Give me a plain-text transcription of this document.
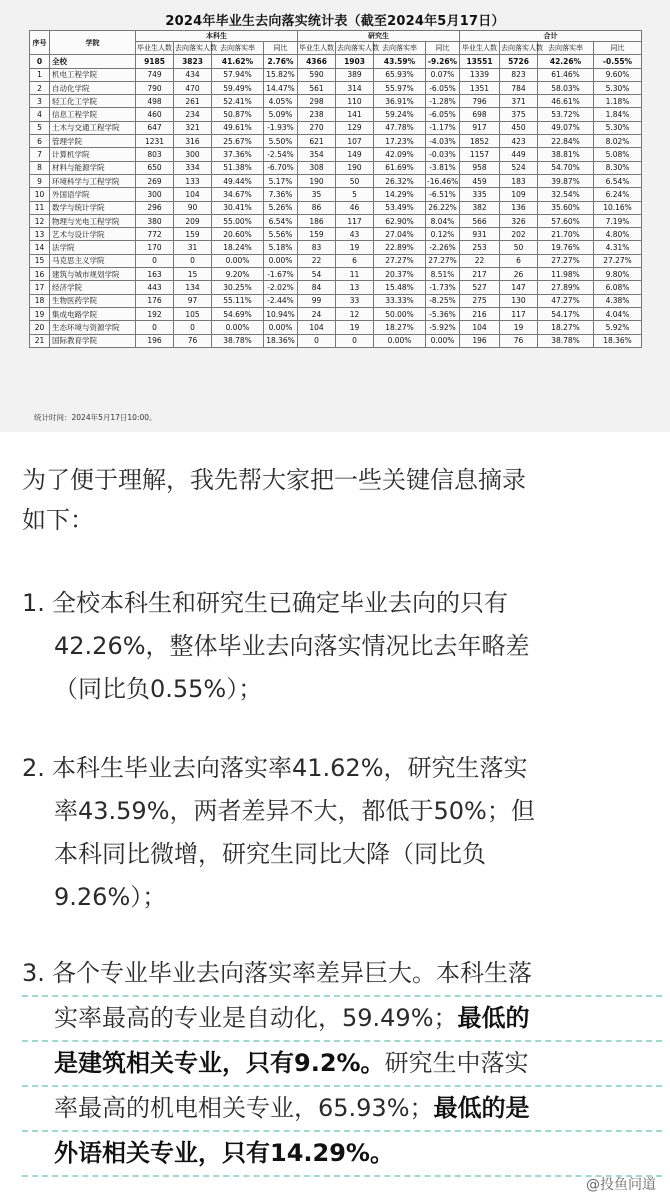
2024年毕业生去向落实统计表（截至2024年5月17日）
序号	学院	本科生				研究生				合计			
		毕业生人数	去向落实人数	去向落实率	同比	毕业生人数	去向落实人数	去向落实率	同比	毕业生人数	去向落实人数	去向落实率	同比
0	全校	9185	3823	41.62%	2.76%	4366	1903	43.59%	-9.26%	13551	5726	42.26%	-0.55%
1	机电工程学院	749	434	57.94%	15.82%	590	389	65.93%	0.07%	1339	823	61.46%	9.60%
2	自动化学院	790	470	59.49%	14.47%	561	314	55.97%	-6.05%	1351	784	58.03%	5.30%
3	轻工化工学院	498	261	52.41%	4.05%	298	110	36.91%	-1.28%	796	371	46.61%	1.18%
4	信息工程学院	460	234	50.87%	5.09%	238	141	59.24%	-6.05%	698	375	53.72%	1.84%
5	土木与交通工程学院	647	321	49.61%	-1.93%	270	129	47.78%	-1.17%	917	450	49.07%	5.30%
6	管理学院	1231	316	25.67%	5.50%	621	107	17.23%	-4.03%	1852	423	22.84%	8.02%
7	计算机学院	803	300	37.36%	-2.54%	354	149	42.09%	-0.03%	1157	449	38.81%	5.08%
8	材料与能源学院	650	334	51.38%	-6.70%	308	190	61.69%	-3.81%	958	524	54.70%	8.30%
9	环境科学与工程学院	269	133	49.44%	5.17%	190	50	26.32%	-16.46%	459	183	39.87%	6.54%
10	外国语学院	300	104	34.67%	7.36%	35	5	14.29%	-6.51%	335	109	32.54%	6.24%
11	数学与统计学院	296	90	30.41%	5.26%	86	46	53.49%	26.22%	382	136	35.60%	10.16%
12	物理与光电工程学院	380	209	55.00%	6.54%	186	117	62.90%	8.04%	566	326	57.60%	7.19%
13	艺术与设计学院	772	159	20.60%	5.56%	159	43	27.04%	0.12%	931	202	21.70%	4.80%
14	法学院	170	31	18.24%	5.18%	83	19	22.89%	-2.26%	253	50	19.76%	4.31%
15	马克思主义学院	0	0	0.00%	0.00%	22	6	27.27%	27.27%	22	6	27.27%	27.27%
16	建筑与城市规划学院	163	15	9.20%	-1.67%	54	11	20.37%	8.51%	217	26	11.98%	9.80%
17	经济学院	443	134	30.25%	-2.02%	84	13	15.48%	-1.73%	527	147	27.89%	6.08%
18	生物医药学院	176	97	55.11%	-2.44%	99	33	33.33%	-8.25%	275	130	47.27%	4.38%
19	集成电路学院	192	105	54.69%	10.94%	24	12	50.00%	-5.36%	216	117	54.17%	4.04%
20	生态环境与资源学院	0	0	0.00%	0.00%	104	19	18.27%	-5.92%	104	19	18.27%	5.92%
21	国际教育学院	196	76	38.78%	18.36%	0	0	0.00%	0.00%	196	76	38.78%	18.36%
统计时间：2024年5月17日10:00。
为了便于理解，我先帮大家把一些关键信息摘录
如下：
1. 全校本科生和研究生已确定毕业去向的只有
42.26%，整体毕业去向落实情况比去年略差
（同比负0.55%）；
2. 本科生毕业去向落实率41.62%，研究生落实
率43.59%，两者差异不大，都低于50%；但
本科同比微增，研究生同比大降（同比负
9.26%）；
3. 各个专业毕业去向落实率差异巨大。本科生落
实率最高的专业是自动化，59.49%；最低的
是建筑相关专业，只有9.2%。研究生中落实
率最高的机电相关专业，65.93%；最低的是
外语相关专业，只有14.29%。
@投鱼问道
